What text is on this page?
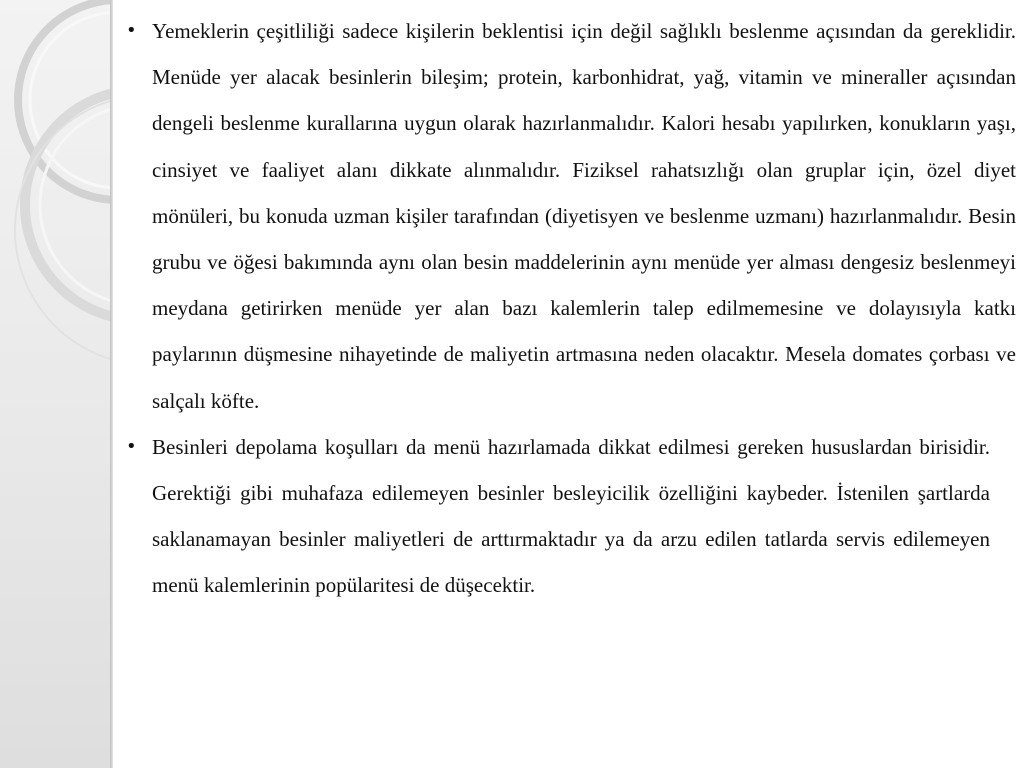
• Yemeklerin çeşitliliği sadece kişilerin beklentisi için değil sağlıklı beslenme açısından da gereklidir. Menüde yer alacak besinlerin bileşim; protein, karbonhidrat, yağ, vitamin ve mineraller açısından dengeli beslenme kurallarına uygun olarak hazırlanmalıdır. Kalori hesabı yapılırken, konukların yaşı, cinsiyet ve faaliyet alanı dikkate alınmalıdır. Fiziksel rahatsızlığı olan gruplar için, özel diyet mönüleri, bu konuda uzman kişiler tarafından (diyetisyen ve beslenme uzmanı) hazırlanmalıdır. Besin grubu ve öğesi bakımında aynı olan besin maddelerinin aynı menüde yer alması dengesiz beslenmeyi meydana getirirken menüde yer alan bazı kalemlerin talep edilmemesine ve dolayısıyla katkı paylarının düşmesine nihayetinde de maliyetin artmasına neden olacaktır. Mesela domates çorbası ve salçalı köfte.

• Besinleri depolama koşulları da menü hazırlamada dikkat edilmesi gereken hususlardan birisidir. Gerektiği gibi muhafaza edilemeyen besinler besleyicilik özelliğini kaybeder. İstenilen şartlarda saklanamayan besinler maliyetleri de arttırmaktadır ya da arzu edilen tatlarda servis edilemeyen menü kalemlerinin popülaritesi de düşecektir.
